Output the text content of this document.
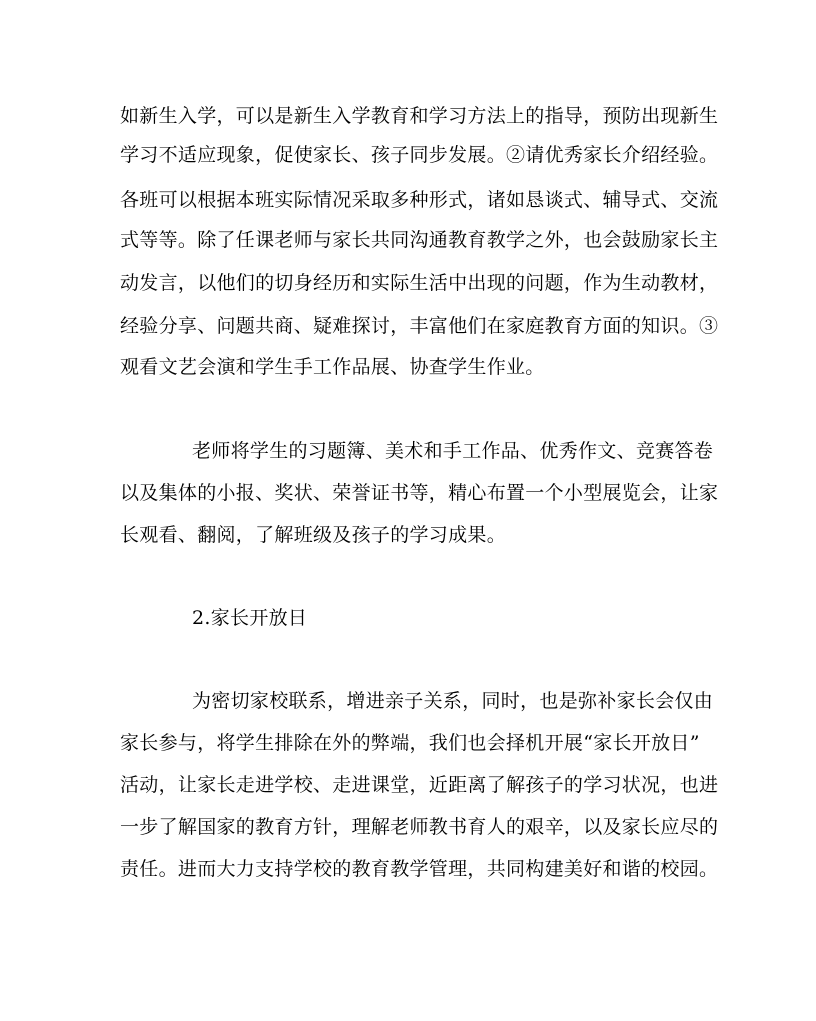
如新生入学，可以是新生入学教育和学习方法上的指导，预防出现新生
学习不适应现象，促使家长、孩子同步发展。②请优秀家长介绍经验。
各班可以根据本班实际情况采取多种形式，诸如恳谈式、辅导式、交流
式等等。除了任课老师与家长共同沟通教育教学之外，也会鼓励家长主
动发言，以他们的切身经历和实际生活中出现的问题，作为生动教材，
经验分享、问题共商、疑难探讨，丰富他们在家庭教育方面的知识。③
观看文艺会演和学生手工作品展、协查学生作业。
老师将学生的习题簿、美术和手工作品、优秀作文、竞赛答卷
以及集体的小报、奖状、荣誉证书等，精心布置一个小型展览会，让家
长观看、翻阅，了解班级及孩子的学习成果。
2.家长开放日
为密切家校联系，增进亲子关系，同时，也是弥补家长会仅由
家长参与，将学生排除在外的弊端，我们也会择机开展“家长开放日”
活动，让家长走进学校、走进课堂，近距离了解孩子的学习状况，也进
一步了解国家的教育方针，理解老师教书育人的艰辛，以及家长应尽的
责任。进而大力支持学校的教育教学管理，共同构建美好和谐的校园。
